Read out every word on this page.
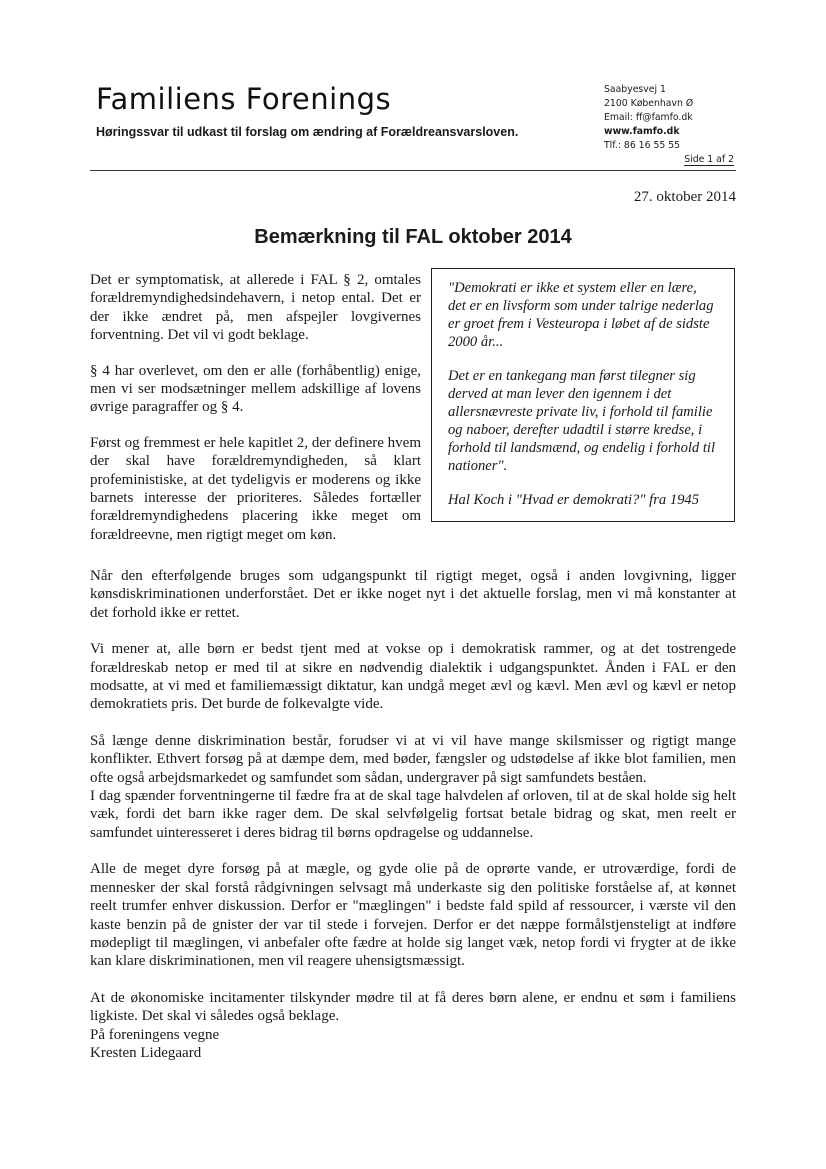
Familiens Forenings

Høringssvar til udkast til forslag om ændring af Forældreansvarsloven.

Saabyesvej 1
2100 København Ø
Email: ff@famfo.dk
www.famfo.dk
Tlf.: 86 16 55 55
Side 1 af 2
27. oktober 2014
Bemærkning til FAL oktober 2014

"Demokrati er ikke et system eller en lære, det er en livsform som under talrige nederlag er groet frem i Vesteuropa i løbet af de sidste 2000 år...

Det er en tankegang man først tilegner sig derved at man lever den igennem i det allersnævreste private liv, i forhold til familie og naboer, derefter udadtil i større kredse, i forhold til landsmænd, og endelig i forhold til nationer".

Hal Koch i "Hvad er demokrati?" fra 1945

Det er symptomatisk, at allerede i FAL § 2, omtales forældremyndighedsindehavern, i netop ental. Det er der ikke ændret på, men afspejler lovgivernes forventning. Det vil vi godt beklage.

§ 4 har overlevet, om den er alle (forhåbentlig) enige, men vi ser modsætninger mellem adskillige af lovens øvrige paragraffer og § 4.

Først og fremmest er hele kapitlet 2, der definere hvem der skal have forældremyndigheden, så klart profeministiske, at det tydeligvis er moderens og ikke barnets interesse der prioriteres. Således fortæller forældremyndighedens placering ikke meget om forældreevne, men rigtigt meget om køn.

Når den efterfølgende bruges som udgangspunkt til rigtigt meget, også i anden lovgivning, ligger kønsdiskriminationen underforstået. Det er ikke noget nyt i det aktuelle forslag, men vi må konstanter at det forhold ikke er rettet.

Vi mener at, alle børn er bedst tjent med at vokse op i demokratisk rammer, og at det tostrengede forældreskab netop er med til at sikre en nødvendig dialektik i udgangspunktet. Ånden i FAL er den modsatte, at vi med et familiemæssigt diktatur, kan undgå meget ævl og kævl. Men ævl og kævl er netop demokratiets pris. Det burde de folkevalgte vide.

Så længe denne diskrimination består, forudser vi at vi vil have mange skilsmisser og rigtigt mange konflikter. Ethvert forsøg på at dæmpe dem, med bøder, fængsler og udstødelse af ikke blot familien, men ofte også arbejdsmarkedet og samfundet som sådan, undergraver på sigt samfundets beståen.

I dag spænder forventningerne til fædre fra at de skal tage halvdelen af orloven, til at de skal holde sig helt væk, fordi det barn ikke rager dem. De skal selvfølgelig fortsat betale bidrag og skat, men reelt er samfundet uinteresseret i deres bidrag til børns opdragelse og uddannelse.

Alle de meget dyre forsøg på at mægle, og gyde olie på de oprørte vande, er utroværdige, fordi de mennesker der skal forstå rådgivningen selvsagt må underkaste sig den politiske forståelse af, at kønnet reelt trumfer enhver diskussion. Derfor er "mæglingen" i bedste fald spild af ressourcer, i værste vil den kaste benzin på de gnister der var til stede i forvejen. Derfor er det næppe formålstjensteligt at indføre mødepligt til mæglingen, vi anbefaler ofte fædre at holde sig langet væk, netop fordi vi frygter at de ikke kan klare diskriminationen, men vil reagere uhensigtsmæssigt.

At de økonomiske incitamenter tilskynder mødre til at få deres børn alene, er endnu et søm i familiens ligkiste. Det skal vi således også beklage.

På foreningens vegne

Kresten Lidegaard
